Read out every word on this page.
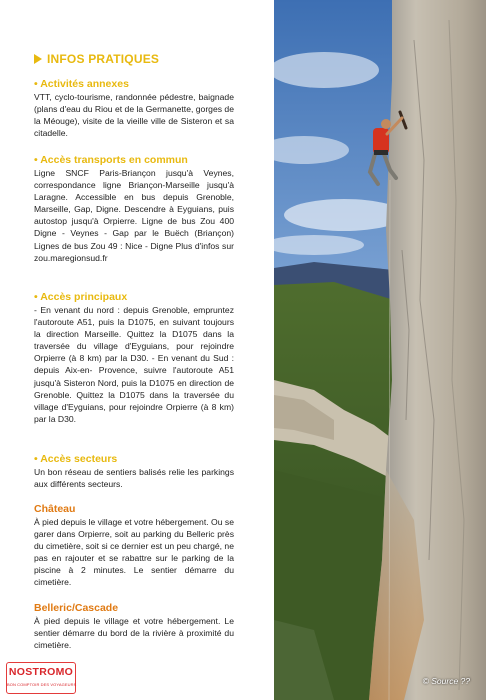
INFOS PRATIQUES
• Activités annexes

VTT, cyclo-tourisme, randonnée pédestre, baignade (plans d'eau du Riou et de la Germanette, gorges de la Méouge), visite de la vieille ville de Sisteron et sa citadelle.

• Accès transports en commun

Ligne SNCF Paris-Briançon jusqu'à Veynes, correspondance ligne Briançon-Marseille jusqu'à Laragne. Accessible en bus depuis Grenoble, Marseille, Gap, Digne. Descendre à Eyguians, puis autostop jusqu'à Orpierre. Ligne de bus Zou 400 Digne - Veynes - Gap par le Buëch (Briançon) Lignes de bus Zou 49 : Nice - Digne Plus d'infos sur zou.maregionsud.fr

• Accès principaux

- En venant du nord : depuis Grenoble, empruntez l'autoroute A51, puis la D1075, en suivant toujours la direction Marseille. Quittez la D1075 dans la traversée du village d'Eyguians, pour rejoindre Orpierre (à 8 km) par la D30. - En venant du Sud : depuis Aix-en- Provence, suivre l'autoroute A51 jusqu'à Sisteron Nord, puis la D1075 en direction de Grenoble. Quittez la D1075 dans la traversée du village d'Eyguians, pour rejoindre Orpierre (à 8 km) par la D30.

• Accès secteurs

Un bon réseau de sentiers balisés relie les parkings aux différents secteurs.

Château

À pied depuis le village et votre hébergement. Ou se garer dans Orpierre, soit au parking du Belleric près du cimetière, soit si ce dernier est un peu chargé, ne pas en rajouter et se rabattre sur le parking de la piscine à 2 minutes. Le sentier démarre du cimetière.

Belleric/Cascade

À pied depuis le village et votre hébergement. Le sentier démarre du bord de la rivière à proximité du cimetière.

NOSTROMO
BON COMPTOIR DES VOYAGEURS	© Source ??
